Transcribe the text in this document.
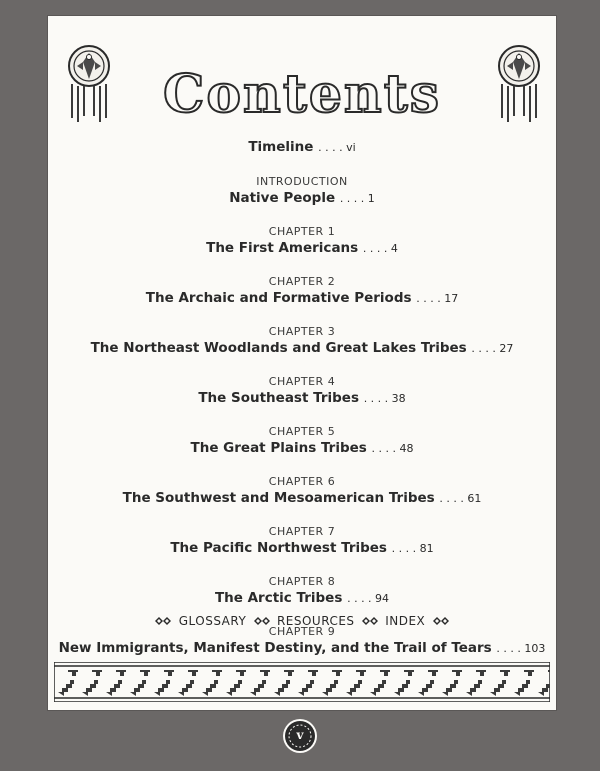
Contents
Timeline . . . . vi
INTRODUCTION
Native People . . . . 1
CHAPTER 1
The First Americans . . . . 4
CHAPTER 2
The Archaic and Formative Periods . . . . 17
CHAPTER 3
The Northeast Woodlands and Great Lakes Tribes . . . . 27
CHAPTER 4
The Southeast Tribes . . . . 38
CHAPTER 5
The Great Plains Tribes . . . . 48
CHAPTER 6
The Southwest and Mesoamerican Tribes . . . . 61
CHAPTER 7
The Pacific Northwest Tribes . . . . 81
CHAPTER 8
The Arctic Tribes . . . . 94
CHAPTER 9
New Immigrants, Manifest Destiny, and the Trail of Tears . . . . 103
GLOSSARY	RESOURCES	INDEX
v
